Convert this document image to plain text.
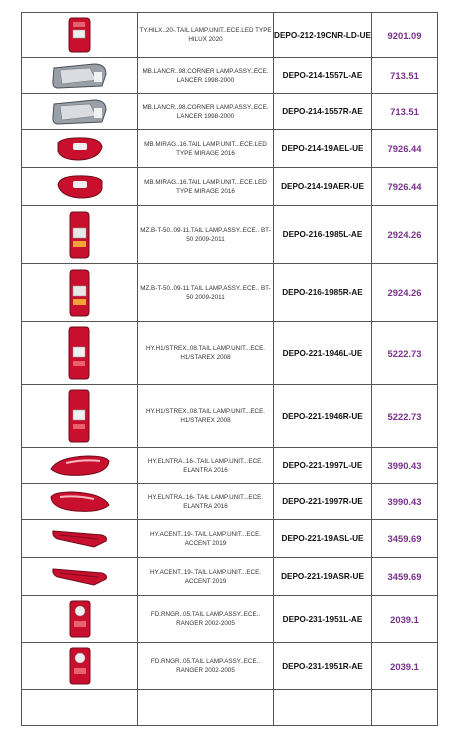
	TY.HILX..20-.TAIL LAMP.UNIT..ECE.LED TYPE HILUX 2020	DEPO-212-19CNR-LD-UE	9201.09

	MB.LANCR..98.CORNER LAMP.ASSY..ECE. LANCER 1998-2000	DEPO-214-1557L-AE	713.51

	MB.LANCR..98.CORNER LAMP.ASSY..ECE. LANCER 1998-2000	DEPO-214-1557R-AE	713.51

	MB.MIRAG..16.TAIL LAMP.UNIT...ECE.LED TYPE MIRAGE 2016	DEPO-214-19AEL-UE	7926.44

	MB.MIRAG..16.TAIL LAMP.UNIT...ECE.LED TYPE MIRAGE 2016	DEPO-214-19AER-UE	7926.44

	MZ.B-T-50..09-11.TAIL LAMP.ASSY..ECE.. BT-50 2009-2011	DEPO-216-1985L-AE	2924.26

	MZ.B-T-50..09-11.TAIL LAMP.ASSY..ECE.. BT-50 2009-2011	DEPO-216-1985R-AE	2924.26

	HY.H1/STREX..08.TAIL LAMP.UNIT...ECE. H1/STAREX 2008	DEPO-221-1946L-UE	5222.73

	HY.H1/STREX..08.TAIL LAMP.UNIT...ECE. H1/STAREX 2008	DEPO-221-1946R-UE	5222.73

	HY.ELNTRA..16-.TAIL LAMP.UNIT...ECE. ELANTRA 2016	DEPO-221-1997L-UE	3990.43

	HY.ELNTRA..16-.TAIL LAMP.UNIT...ECE. ELANTRA 2016	DEPO-221-1997R-UE	3990.43

	HY.ACENT..19-.TAIL LAMP.UNIT...ECE. ACCENT 2019	DEPO-221-19ASL-UE	3459.69

	HY.ACENT..19-.TAIL LAMP.UNIT...ECE. ACCENT 2019	DEPO-221-19ASR-UE	3459.69

	FD.RNGR..05.TAIL LAMP.ASSY..ECE.. RANGER 2002-2005	DEPO-231-1951L-AE	2039.1

	FD.RNGR..05.TAIL LAMP.ASSY..ECE.. RANGER 2002-2005	DEPO-231-1951R-AE	2039.1
